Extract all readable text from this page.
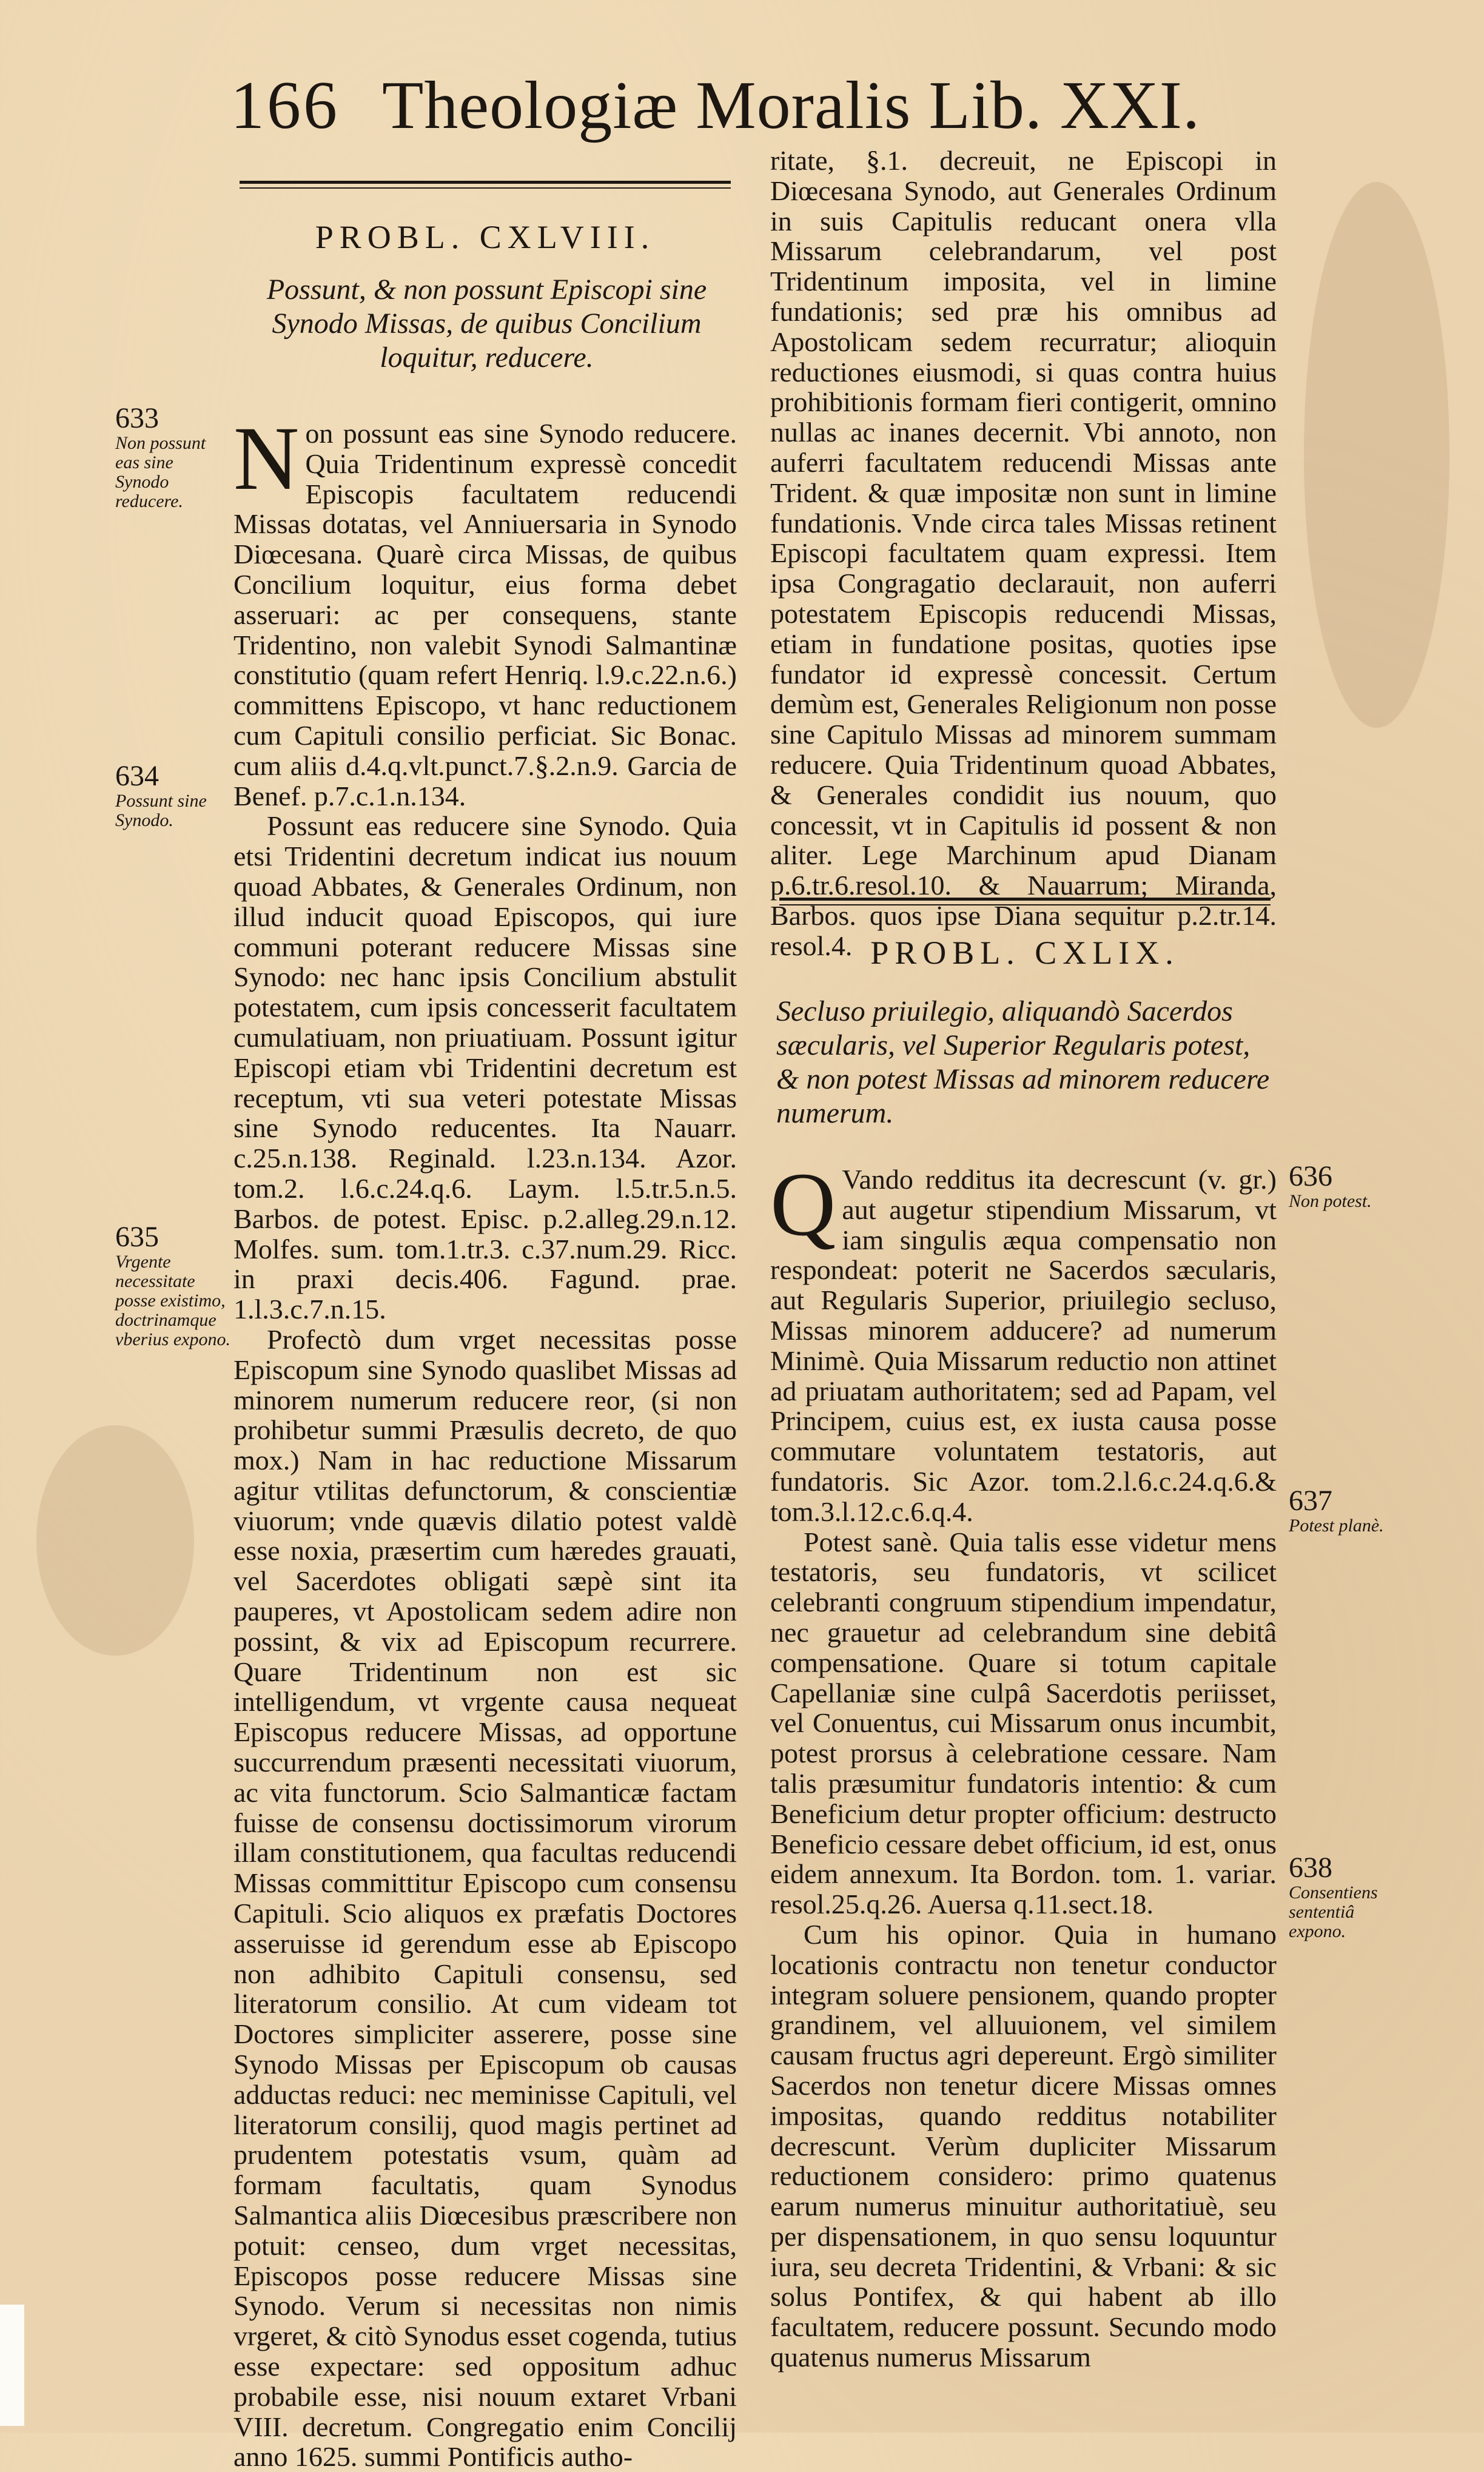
166 Theologiæ Moralis Lib. XXI.
PROBL. CXLVIII.
Possunt, & non possunt Episcopi sine Synodo Missas, de quibus Concilium loquitur, reducere.

Non possunt eas sine Synodo reducere. Quia Tridentinum expressè concedit Episcopis facultatem reducendi Missas dotatas, vel Anniuersaria in Synodo Diœcesana. Quarè circa Missas, de quibus Concilium loquitur, eius forma debet asseruari: ac per consequens, stante Tridentino, non valebit Synodi Salmantinæ constitutio (quam refert Henriq. l.9.c.22.n.6.) committens Episcopo, vt hanc reductionem cum Capituli consilio perficiat. Sic Bonac. cum aliis d.4.q.vlt.punct.7.§.2.n.9. Garcia de Benef. p.7.c.1.n.134.

Possunt eas reducere sine Synodo. Quia etsi Tridentini decretum indicat ius nouum quoad Abbates, & Generales Ordinum, non illud inducit quoad Episcopos, qui iure communi poterant reducere Missas sine Synodo: nec hanc ipsis Concilium abstulit potestatem, cum ipsis concesserit facultatem cumulatiuam, non priuatiuam. Possunt igitur Episcopi etiam vbi Tridentini decretum est receptum, vti sua veteri potestate Missas sine Synodo reducentes. Ita Nauarr. c.25.n.138. Reginald. l.23.n.134. Azor. tom.2. l.6.c.24.q.6. Laym. l.5.tr.5.n.5. Barbos. de potest. Episc. p.2.alleg.29.n.12. Molfes. sum. tom.1.tr.3. c.37.num.29. Ricc. in praxi decis.406. Fagund. prae. 1.l.3.c.7.n.15.

Profectò dum vrget necessitas posse Episcopum sine Synodo quaslibet Missas ad minorem numerum reducere reor, (si non prohibetur summi Præsulis decreto, de quo mox.) Nam in hac reductione Missarum agitur vtilitas defunctorum, & conscientiæ viuorum; vnde quævis dilatio potest valdè esse noxia, præsertim cum hæredes grauati, vel Sacerdotes obligati sæpè sint ita pauperes, vt Apostolicam sedem adire non possint, & vix ad Episcopum recurrere. Quare Tridentinum non est sic intelligendum, vt vrgente causa nequeat Episcopus reducere Missas, ad opportune succurrendum præsenti necessitati viuorum, ac vita functorum. Scio Salmanticæ factam fuisse de consensu doctissimorum virorum illam constitutionem, qua facultas reducendi Missas committitur Episcopo cum consensu Capituli. Scio aliquos ex præfatis Doctores asseruisse id gerendum esse ab Episcopo non adhibito Capituli consensu, sed literatorum consilio. At cum videam tot Doctores simpliciter asserere, posse sine Synodo Missas per Episcopum ob causas adductas reduci: nec meminisse Capituli, vel literatorum consilij, quod magis pertinet ad prudentem potestatis vsum, quàm ad formam facultatis, quam Synodus Salmantica aliis Diœcesibus præscribere non potuit: censeo, dum vrget necessitas, Episcopos posse reducere Missas sine Synodo. Verum si necessitas non nimis vrgeret, & citò Synodus esset cogenda, tutius esse expectare: sed oppositum adhuc probabile esse, nisi nouum extaret Vrbani VIII. decretum. Congregatio enim Concilij anno 1625. summi Pontificis autho-

633
Non possunt eas sine Synodo reducere.
634
Possunt sine Synodo.
635
Vrgente necessitate posse existimo, doctrinamque vberius expono.

ritate, §.1. decreuit, ne Episcopi in Diœcesana Synodo, aut Generales Ordinum in suis Capitulis reducant onera vlla Missarum celebrandarum, vel post Tridentinum imposita, vel in limine fundationis; sed præ his omnibus ad Apostolicam sedem recurratur; alioquin reductiones eiusmodi, si quas contra huius prohibitionis formam fieri contigerit, omnino nullas ac inanes decernit. Vbi annoto, non auferri facultatem reducendi Missas ante Trident. & quæ impositæ non sunt in limine fundationis. Vnde circa tales Missas retinent Episcopi facultatem quam expressi. Item ipsa Congragatio declarauit, non auferri potestatem Episcopis reducendi Missas, etiam in fundatione positas, quoties ipse fundator id expressè concessit. Certum demùm est, Generales Religionum non posse sine Capitulo Missas ad minorem summam reducere. Quia Tridentinum quoad Abbates, & Generales condidit ius nouum, quo concessit, vt in Capitulis id possent & non aliter. Lege Marchinum apud Dianam p.6.tr.6.resol.10. & Nauarrum; Miranda, Barbos. quos ipse Diana sequitur p.2.tr.14. resol.4. PROBL. CXLIX.
Secluso priuilegio, aliquandò Sacerdos sæcularis, vel Superior Regularis potest, & non potest Missas ad minorem reducere numerum.

Q Vando redditus ita decrescunt (v. gr.) aut augetur stipendium Missarum, vt iam singulis æqua compensatio non respondeat: poterit ne Sacerdos sæcularis, aut Regularis Superior, priuilegio secluso, Missas minorem adducere? ad numerum Minimè. Quia Missarum reductio non attinet ad priuatam authoritatem; sed ad Papam, vel Principem, cuius est, ex iusta causa posse commutare voluntatem testatoris, aut fundatoris. Sic Azor. tom.2.l.6.c.24.q.6.& tom.3.l.12.c.6.q.4.

Potest sanè. Quia talis esse videtur mens testatoris, seu fundatoris, vt scilicet celebranti congruum stipendium impendatur, nec grauetur ad celebrandum sine debitâ compensatione. Quare si totum capitale Capellaniæ sine culpâ Sacerdotis periisset, vel Conuentus, cui Missarum onus incumbit, potest prorsus à celebratione cessare. Nam talis præsumitur fundatoris intentio: & cum Beneficium detur propter officium: destructo Beneficio cessare debet officium, id est, onus eidem annexum. Ita Bordon. tom. 1. variar. resol.25.q.26. Auersa q.11.sect.18.

Cum his opinor. Quia in humano locationis contractu non tenetur conductor integram soluere pensionem, quando propter grandinem, vel alluuionem, vel similem causam fructus agri depereunt. Ergò similiter Sacerdos non tenetur dicere Missas omnes impositas, quando redditus notabiliter decrescunt. Verùm dupliciter Missarum reductionem considero: primo quatenus earum numerus minuitur authoritatiuè, seu per dispensationem, in quo sensu loquuntur iura, seu decreta Tridentini, & Vrbani: & sic solus Pontifex, & qui habent ab illo facultatem, reducere possunt. Secundo modo quatenus numerus Missarum

636
Non potest.
637
Potest planè.
638
Consentiens sententiâ expono.
